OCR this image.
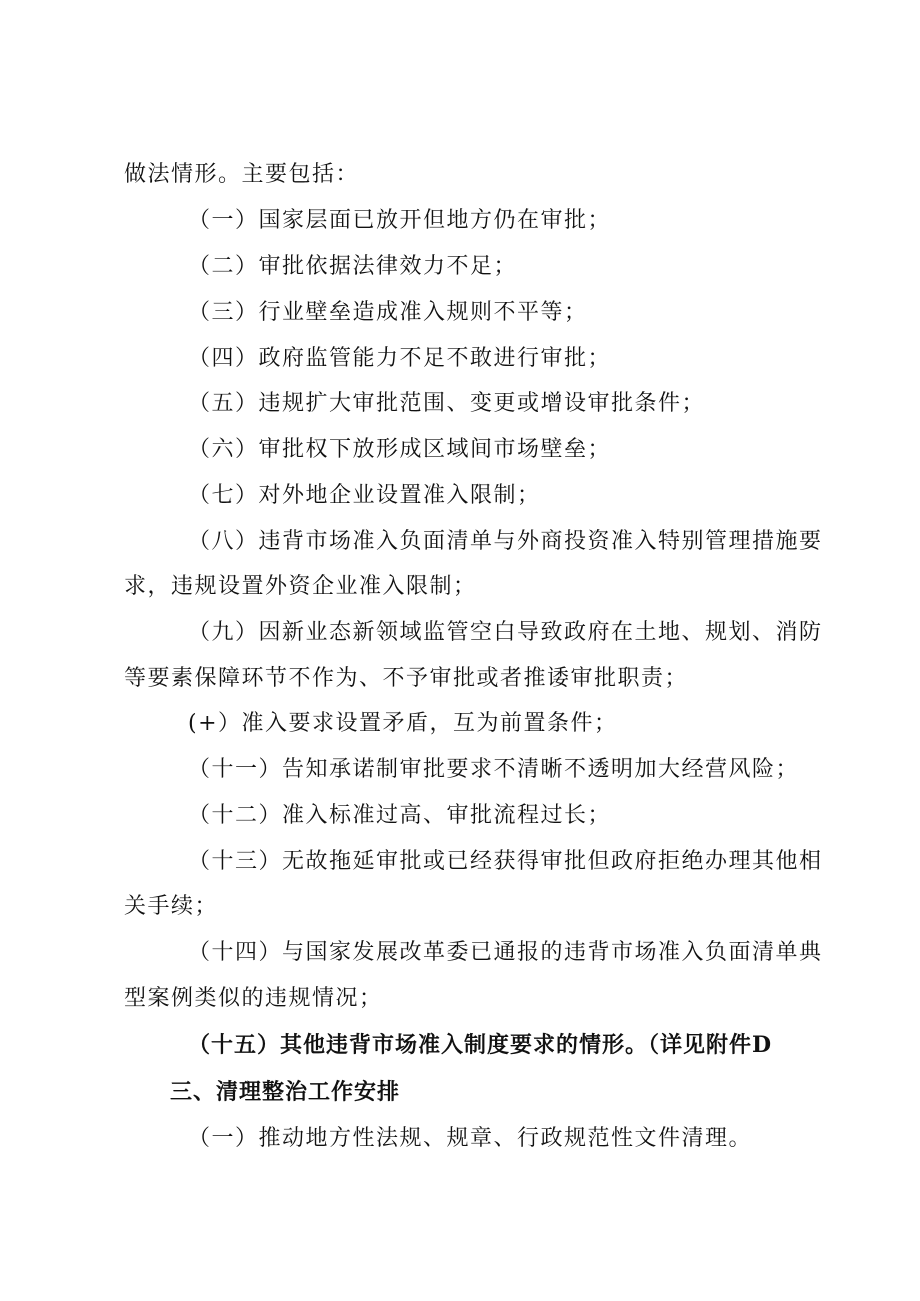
做法情形。主要包括：
（一）国家层面已放开但地方仍在审批；
（二）审批依据法律效力不足；
（三）行业壁垒造成准入规则不平等；
（四）政府监管能力不足不敢进行审批；
（五）违规扩大审批范围、变更或增设审批条件；
（六）审批权下放形成区域间市场壁垒；
（七）对外地企业设置准入限制；
（八）违背市场准入负面清单与外商投资准入特别管理措施要
求，违规设置外资企业准入限制；
（九）因新业态新领域监管空白导致政府在土地、规划、消防
等要素保障环节不作为、不予审批或者推诿审批职责；
(+）准入要求设置矛盾，互为前置条件；
（十一）告知承诺制审批要求不清晰不透明加大经营风险；
（十二）准入标准过高、审批流程过长；
（十三）无故拖延审批或已经获得审批但政府拒绝办理其他相
关手续；
（十四）与国家发展改革委已通报的违背市场准入负面清单典
型案例类似的违规情况；
（十五）其他违背市场准入制度要求的情形。（详见附件D
三、清理整治工作安排
（一）推动地方性法规、规章、行政规范性文件清理。
